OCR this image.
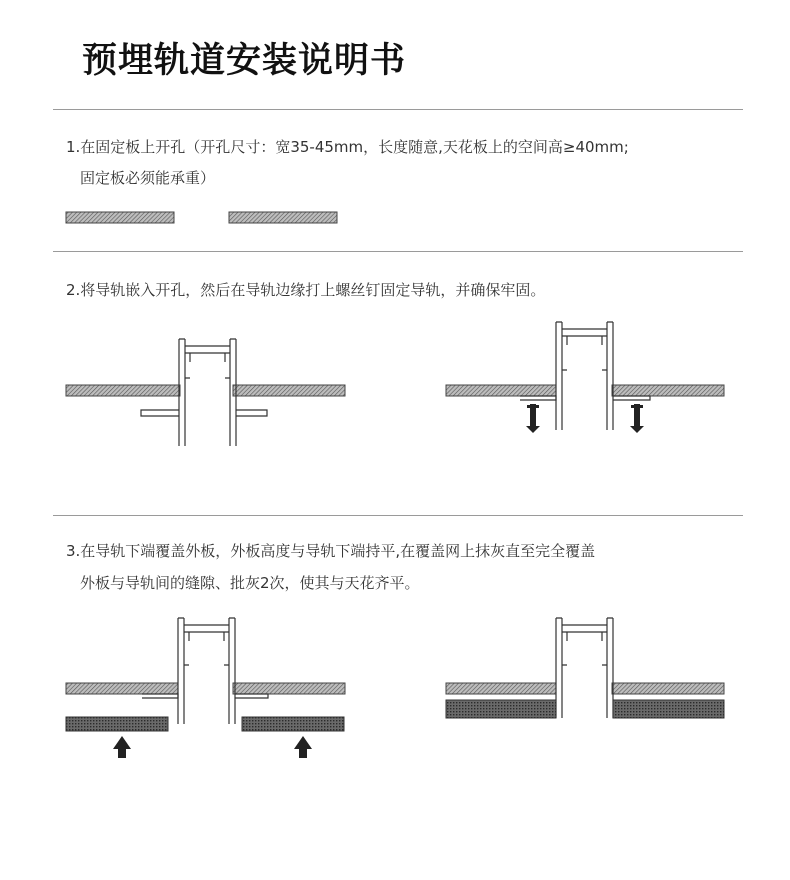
预埋轨道安装说明书
1.在固定板上开孔（开孔尺寸：宽35-45mm，长度随意,天花板上的空间高≥40mm;
固定板必须能承重）
2.将导轨嵌入开孔，然后在导轨边缘打上螺丝钉固定导轨，并确保牢固。
3.在导轨下端覆盖外板，外板高度与导轨下端持平,在覆盖网上抹灰直至完全覆盖
外板与导轨间的缝隙、批灰2次，使其与天花齐平。
